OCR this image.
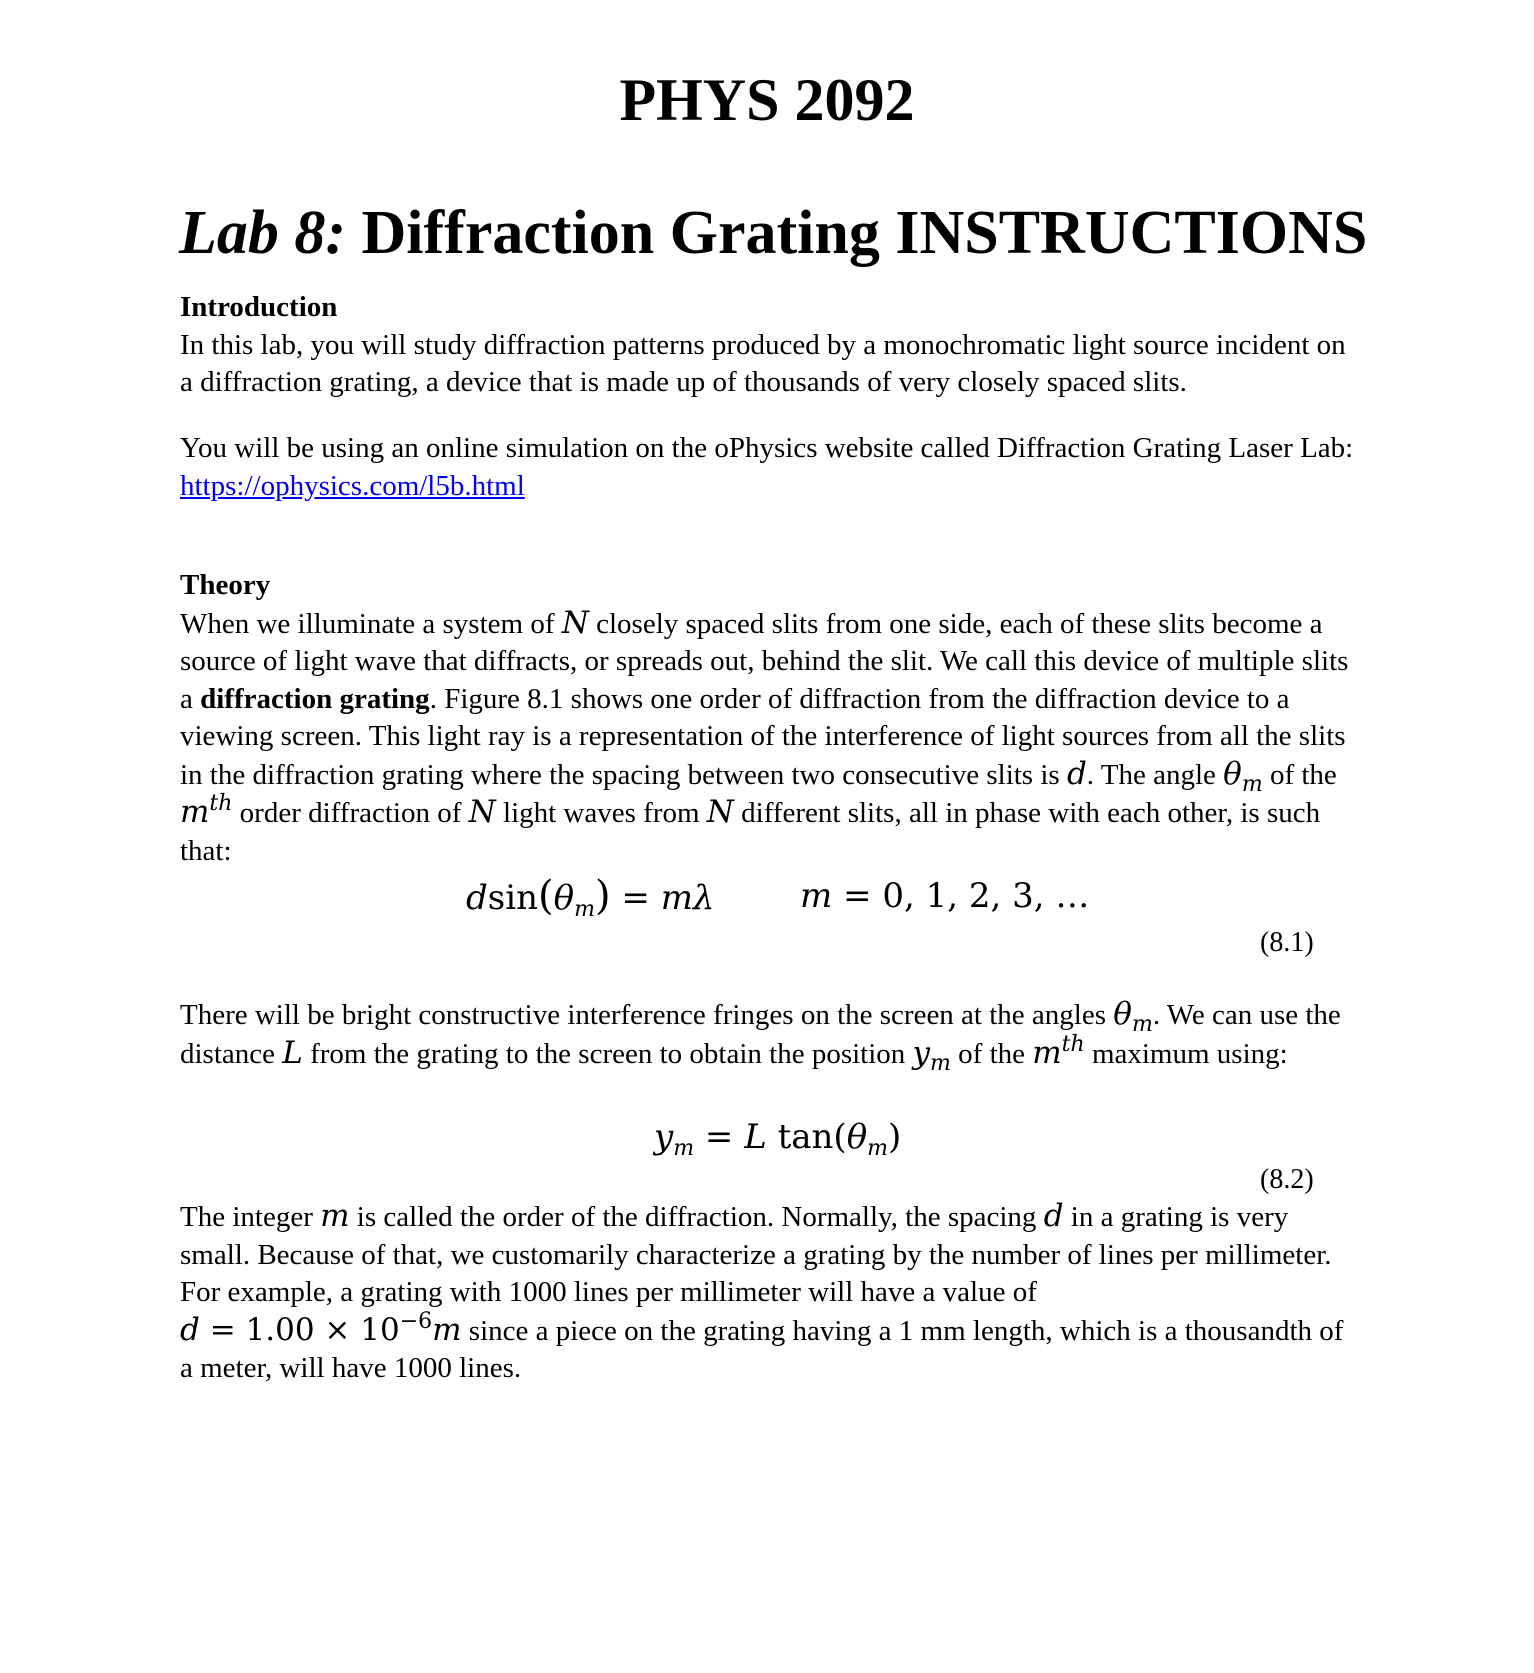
PHYS 2092
Lab 8: Diffraction Grating INSTRUCTIONS
Introduction

In this lab, you will study diffraction patterns produced by a monochromatic light source incident on a diffraction grating, a device that is made up of thousands of very closely spaced slits.

You will be using an online simulation on the oPhysics website called Diffraction Grating Laser Lab: https://ophysics.com/l5b.html

Theory

When we illuminate a system of N closely spaced slits from one side, each of these slits become a source of light wave that diffracts, or spreads out, behind the slit. We call this device of multiple slits a diffraction grating. Figure 8.1 shows one order of diffraction from the diffraction device to a viewing screen. This light ray is a representation of the interference of light sources from all the slits in the diffraction grating where the spacing between two consecutive slits is d. The angle $\theta_m$ of the $m^{th}$ order diffraction of N light waves from N different slits, all in phase with each other, is such that:

$dsin(\theta_m) = m\lambda$	m = 0, 1, 2, 3, …
(8.1)

There will be bright constructive interference fringes on the screen at the angles $\theta_m$. We can use the distance L from the grating to the screen to obtain the position $y_m$ of the $m^{th}$ maximum using:

$y_m = L$ $\tan(\theta_m)$
(8.2)

The integer m is called the order of the diffraction. Normally, the spacing d in a grating is very small. Because of that, we customarily characterize a grating by the number of lines per millimeter. For example, a grating with 1000 lines per millimeter will have a value of
$d = 1.00 \times 10^{-6}m$ since a piece on the grating having a 1 mm length, which is a thousandth of a meter, will have 1000 lines.
